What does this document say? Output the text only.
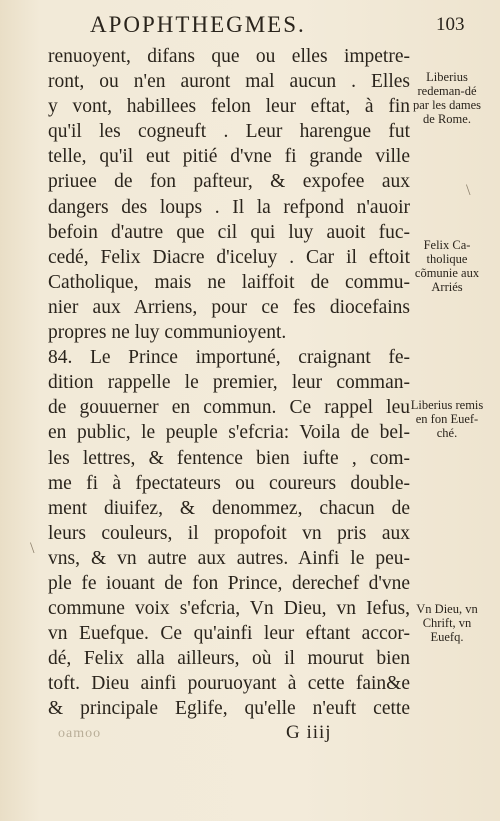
APOPHTHEGMES.	103
renuoyent, difans que ou elles impetre-
ront, ou n'en auront mal aucun . Elles
y vont, habillees felon leur eftat, à fin
qu'il les cogneuft . Leur harengue fut
telle, qu'il eut pitié d'vne fi grande ville
priuee de fon pafteur, & expofee aux
dangers des loups . Il la refpond n'auoir
befoin d'autre que cil qui luy auoit fuc-
cedé, Felix Diacre d'iceluy . Car il eftoit
Catholique, mais ne laiffoit de commu-
nier aux Arriens, pour ce fes diocefains
propres ne luy communioyent.
84. Le Prince importuné, craignant fe-
dition rappelle le premier, leur comman-
de gouuerner en commun. Ce rappel leu
en public, le peuple s'efcria: Voila de bel-
les lettres, & fentence bien iufte , com-
me fi à fpectateurs ou coureurs double-
ment diuifez, & denommez, chacun de
leurs couleurs, il propofoit vn pris aux
vns, & vn autre aux autres. Ainfi le peu-
ple fe iouant de fon Prince, derechef d'vne
commune voix s'efcria, Vn Dieu, vn Iefus,
vn Euefque. Ce qu'ainfi leur eftant accor-
dé, Felix alla ailleurs, où il mourut bien
toft. Dieu ainfi pouruoyant à cette fain&e
& principale Eglife, qu'elle n'euft cette
Liberius redeman-dé par les dames de Rome.
Felix Ca-tholique cõmunie aux Arriés
Liberius remis en fon Euef-ché.
Vn Dieu, vn Chrift, vn Euefq.
\
\
oamoo	G iiij
